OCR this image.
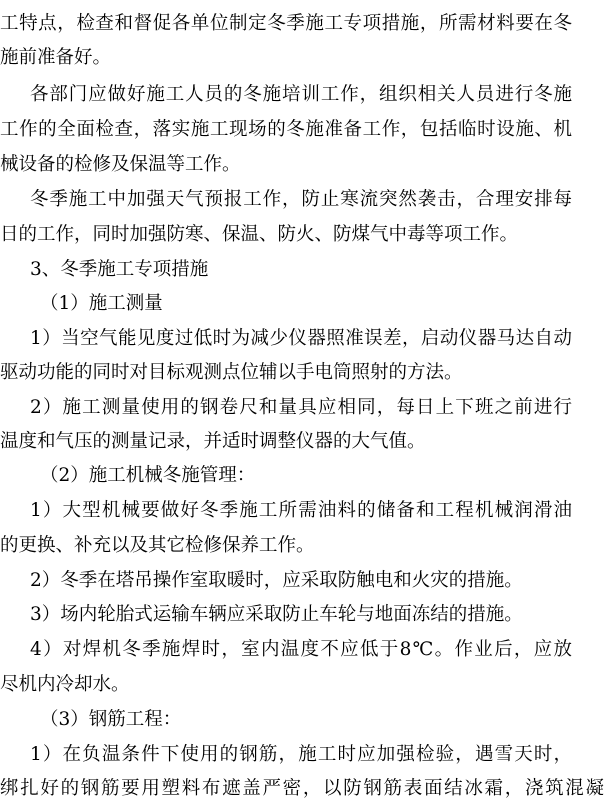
工特点，检查和督促各单位制定冬季施工专项措施，所需材料要在冬
施前准备好。
各部门应做好施工人员的冬施培训工作，组织相关人员进行冬施
工作的全面检查，落实施工现场的冬施准备工作，包括临时设施、机
械设备的检修及保温等工作。
冬季施工中加强天气预报工作，防止寒流突然袭击，合理安排每
日的工作，同时加强防寒、保温、防火、防煤气中毒等项工作。
3、冬季施工专项措施
（1）施工测量
1）当空气能见度过低时为减少仪器照准误差，启动仪器马达自动
驱动功能的同时对目标观测点位辅以手电筒照射的方法。
2）施工测量使用的钢卷尺和量具应相同，每日上下班之前进行
温度和气压的测量记录，并适时调整仪器的大气值。
（2）施工机械冬施管理：
1）大型机械要做好冬季施工所需油料的储备和工程机械润滑油
的更换、补充以及其它检修保养工作。
2）冬季在塔吊操作室取暖时，应采取防触电和火灾的措施。
3）场内轮胎式运输车辆应采取防止车轮与地面冻结的措施。
4）对焊机冬季施焊时，室内温度不应低于8℃。作业后，应放
尽机内冷却水。
（3）钢筋工程：
1）在负温条件下使用的钢筋，施工时应加强检验，遇雪天时，
绑扎好的钢筋要用塑料布遮盖严密，以防钢筋表面结冰霜，浇筑混凝
